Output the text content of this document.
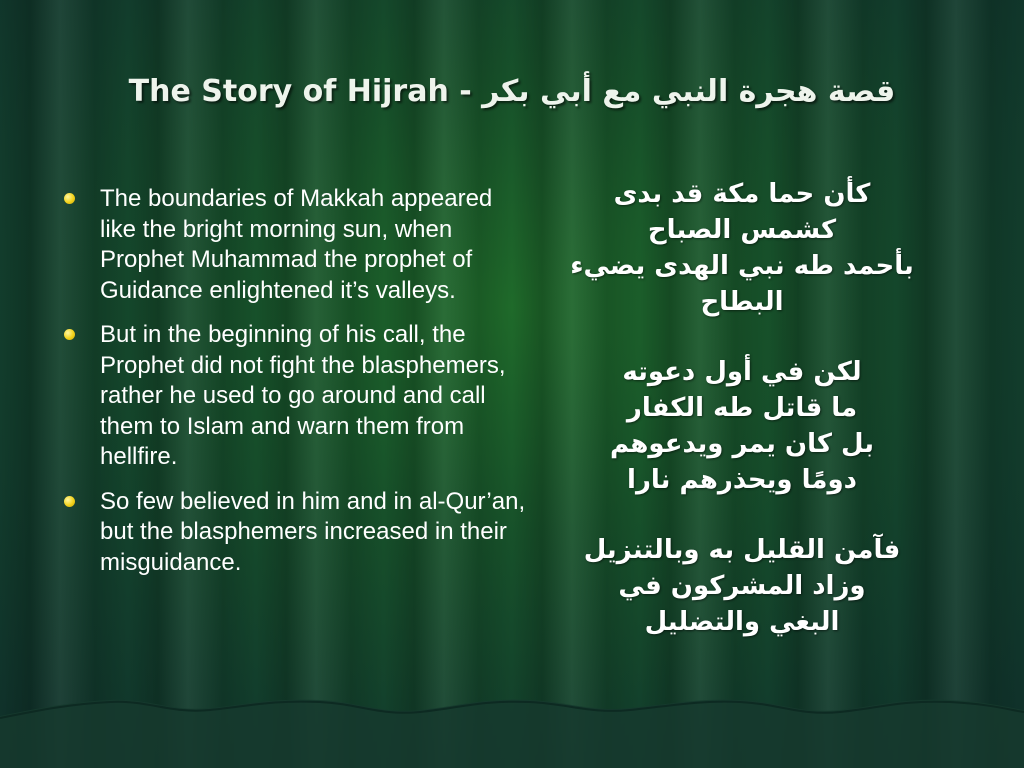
The Story of Hijrah - قصة هجرة النبي مع أبي بكر
The boundaries of Makkah appeared like the bright morning sun, when Prophet Muhammad the prophet of Guidance enlightened it’s valleys.
But in the beginning of his call, the Prophet did not fight the blasphemers, rather he used to go around and call them to Islam and warn them from hellfire.
So few believed in him and in al-Qur’an, but the blasphemers increased in their misguidance.
كأن حما مكة قد بدى
كشمس الصباح
بأحمد طه نبي الهدى يضيء
البطاح
لكن في أول دعوته
ما قاتل طه الكفار
بل كان يمر ويدعوهم
دومًا ويحذرهم نارا
فآمن القليل به وبالتنزيل
وزاد المشركون في
البغي والتضليل
